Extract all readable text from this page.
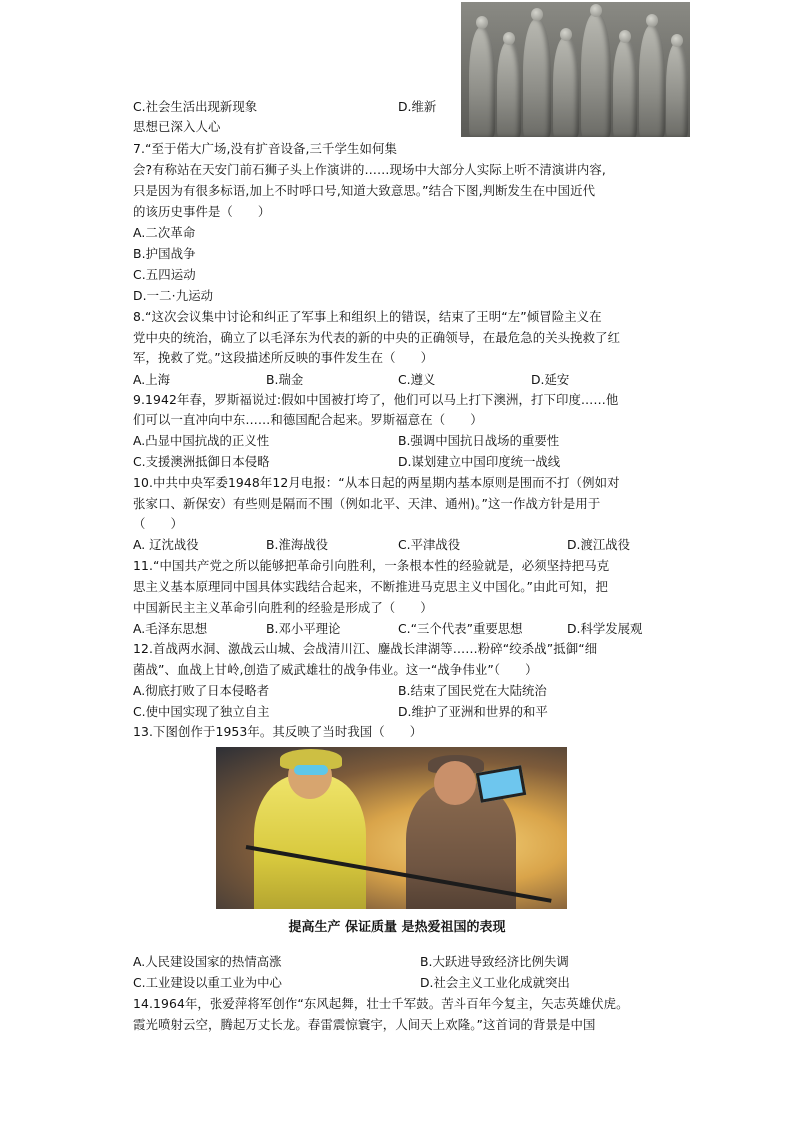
C.社会生活出现新现象	D.维新
思想已深入人心
7.“至于偌大广场,没有扩音设备,三千学生如何集
会?有称站在天安门前石狮子头上作演讲的……现场中大部分人实际上听不清演讲内容,
只是因为有很多标语,加上不时呼口号,知道大致意思。”结合下图,判断发生在中国近代
的该历史事件是（　　）
A.二次革命
B.护国战争
C.五四运动
D.一二·九运动
8.“这次会议集中讨论和纠正了军事上和组织上的错误，结束了王明“左”倾冒险主义在
党中央的统治，确立了以毛泽东为代表的新的中央的正确领导，在最危急的关头挽救了红
军，挽救了党。”这段描述所反映的事件发生在（　　）
A.上海	B.瑞金	C.遵义	D.延安
9.1942年春，罗斯福说过:假如中国被打垮了，他们可以马上打下澳洲，打下印度……他
们可以一直冲向中东……和德国配合起来。罗斯福意在（　　）
A.凸显中国抗战的正义性	B.强调中国抗日战场的重要性
C.支援澳洲抵御日本侵略	D.谋划建立中国印度统一战线
10.中共中央军委1948年12月电报：“从本日起的两星期内基本原则是围而不打（例如对
张家口、新保安）有些则是隔而不围（例如北平、天津、通州)。”这一作战方针是用于
（　　）
A. 辽沈战役	B.淮海战役	C.平津战役	D.渡江战役
11.“中国共产党之所以能够把革命引向胜利，一条根本性的经验就是，必须坚持把马克
思主义基本原理同中国具体实践结合起来，不断推进马克思主义中国化。”由此可知，把
中国新民主主义革命引向胜利的经验是形成了（　　）
A.毛泽东思想	B.邓小平理论	C.“三个代表”重要思想	D.科学发展观
12.首战两水洞、激战云山城、会战清川江、鏖战长津湖等……粉碎“绞杀战”抵御“细
菌战”、血战上甘岭,创造了威武雄壮的战争伟业。这一“战争伟业”（　　）
A.彻底打败了日本侵略者	B.结束了国民党在大陆统治
C.使中国实现了独立自主	D.维护了亚洲和世界的和平
13.下图创作于1953年。其反映了当时我国（　　）
提高生产 保证质量 是热爱祖国的表现
A.人民建设国家的热情高涨	B.大跃进导致经济比例失调
C.工业建设以重工业为中心	D.社会主义工业化成就突出
14.1964年，张爱萍将军创作“东风起舞，壮士千军鼓。苦斗百年今复主，矢志英雄伏虎。
霞光喷射云空，腾起万丈长龙。春雷震惊寰宇，人间天上欢隆。”这首词的背景是中国
